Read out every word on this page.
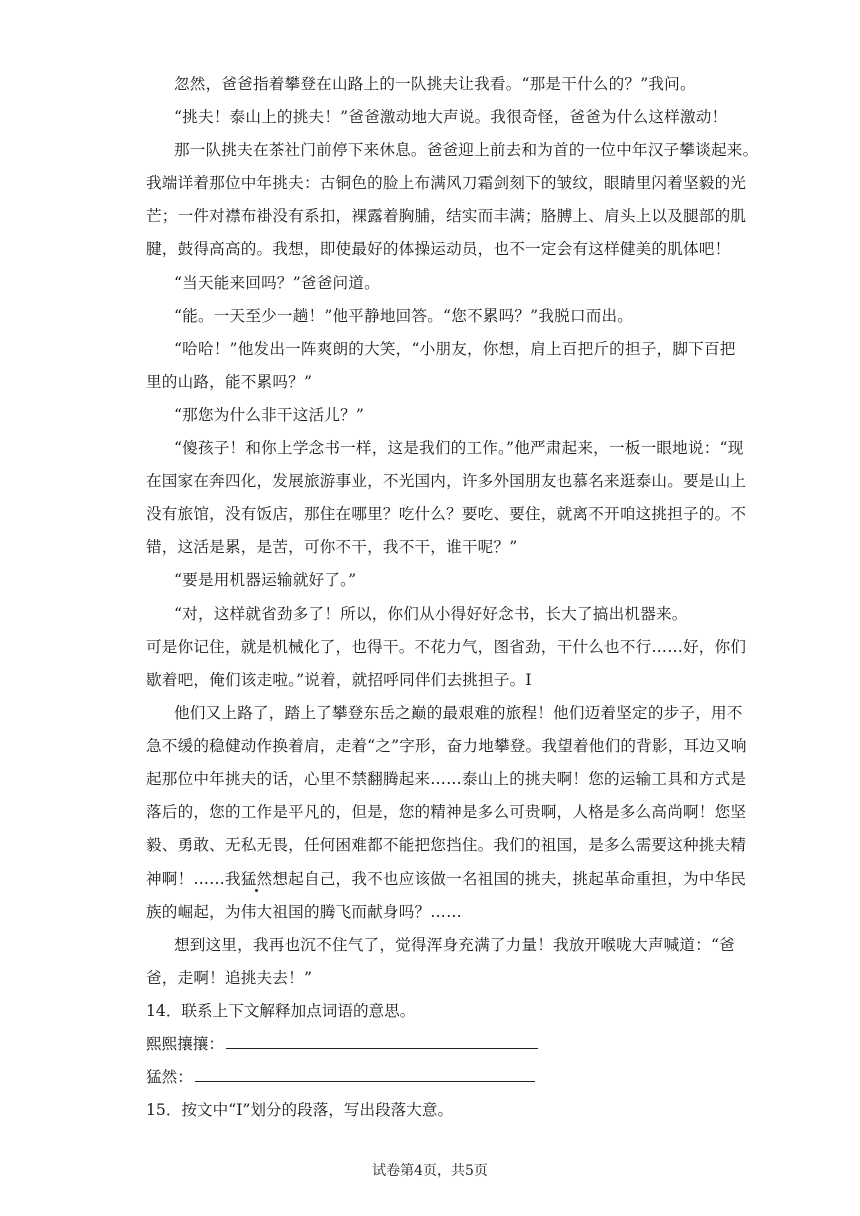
忽然，爸爸指着攀登在山路上的一队挑夫让我看。“那是干什么的？”我问。
“挑夫！泰山上的挑夫！”爸爸激动地大声说。我很奇怪，爸爸为什么这样激动！
那一队挑夫在茶社门前停下来休息。爸爸迎上前去和为首的一位中年汉子攀谈起来。
我端详着那位中年挑夫：古铜色的脸上布满风刀霜剑刻下的皱纹，眼睛里闪着坚毅的光
芒；一件对襟布褂没有系扣，裸露着胸脯，结实而丰满；胳膊上、肩头上以及腿部的肌
腱，鼓得高高的。我想，即使最好的体操运动员，也不一定会有这样健美的肌体吧！
“当天能来回吗？”爸爸问道。
“能。一天至少一趟！”他平静地回答。“您不累吗？”我脱口而出。
“哈哈！”他发出一阵爽朗的大笑，“小朋友，你想，肩上百把斤的担子，脚下百把
里的山路，能不累吗？”
“那您为什么非干这活儿？”
“傻孩子！和你上学念书一样，这是我们的工作。”他严肃起来，一板一眼地说：“现
在国家在奔四化，发展旅游事业，不光国内，许多外国朋友也慕名来逛泰山。要是山上
没有旅馆，没有饭店，那住在哪里？吃什么？要吃、要住，就离不开咱这挑担子的。不
错，这活是累，是苦，可你不干，我不干，谁干呢？”
“要是用机器运输就好了。”
“对，这样就省劲多了！所以，你们从小得好好念书，长大了搞出机器来。
可是你记住，就是机械化了，也得干。不花力气，图省劲，干什么也不行……好，你们
歇着吧，俺们该走啦。”说着，就招呼同伴们去挑担子。Ⅰ
他们又上路了，踏上了攀登东岳之巅的最艰难的旅程！他们迈着坚定的步子，用不
急不缓的稳健动作换着肩，走着“之”字形，奋力地攀登。我望着他们的背影，耳边又响
起那位中年挑夫的话，心里不禁翻腾起来……泰山上的挑夫啊！您的运输工具和方式是
落后的，您的工作是平凡的，但是，您的精神是多么可贵啊，人格是多么高尚啊！您坚
毅、勇敢、无私无畏，任何困难都不能把您挡住。我们的祖国，是多么需要这种挑夫精
神啊！……我猛然想起自己，我不也应该做一名祖国的挑夫，挑起革命重担，为中华民
族的崛起，为伟大祖国的腾飞而献身吗？……
想到这里，我再也沉不住气了，觉得浑身充满了力量！我放开喉咙大声喊道：“爸
爸，走啊！追挑夫去！”
14．联系上下文解释加点词语的意思。
熙熙攘攘：
猛然：
15．按文中“Ⅰ”划分的段落，写出段落大意。
试卷第4页，共5页
